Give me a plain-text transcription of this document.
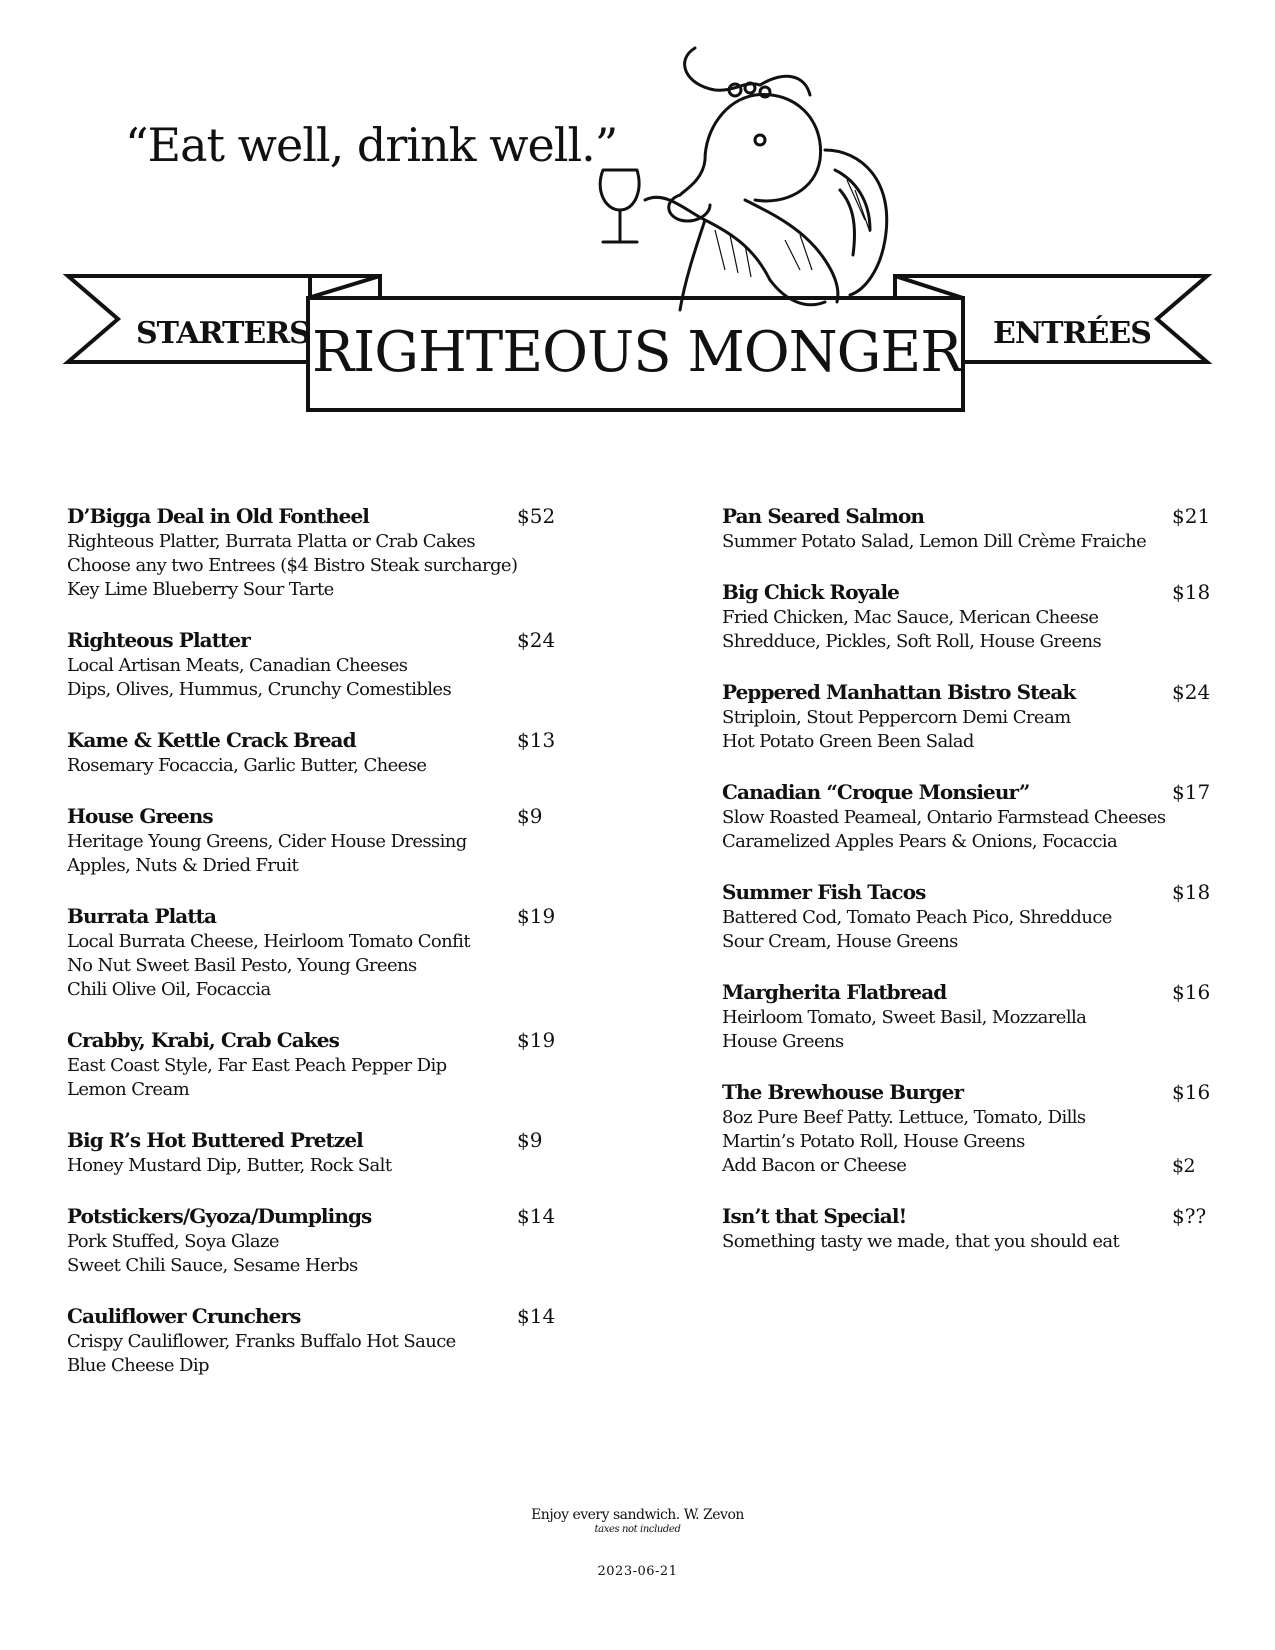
“Eat well, drink well.”
STARTERS RIGHTEOUS MONGER ENTRÉES
D’Bigga Deal in Old Fontheel	$52
Righteous Platter, Burrata Platta or Crab Cakes
Choose any two Entrees ($4 Bistro Steak surcharge)
Key Lime Blueberry Sour Tarte
Righteous Platter	$24
Local Artisan Meats, Canadian Cheeses
Dips, Olives, Hummus, Crunchy Comestibles
Kame & Kettle Crack Bread	$13
Rosemary Focaccia, Garlic Butter, Cheese
House Greens	$9
Heritage Young Greens, Cider House Dressing
Apples, Nuts & Dried Fruit
Burrata Platta	$19
Local Burrata Cheese, Heirloom Tomato Confit
No Nut Sweet Basil Pesto, Young Greens
Chili Olive Oil, Focaccia
Crabby, Krabi, Crab Cakes	$19
East Coast Style, Far East Peach Pepper Dip
Lemon Cream
Big R’s Hot Buttered Pretzel	$9
Honey Mustard Dip, Butter, Rock Salt
Potstickers/Gyoza/Dumplings	$14
Pork Stuffed, Soya Glaze
Sweet Chili Sauce, Sesame Herbs
Cauliflower Crunchers	$14
Crispy Cauliflower, Franks Buffalo Hot Sauce
Blue Cheese Dip
Pan Seared Salmon	$21
Summer Potato Salad, Lemon Dill Crème Fraiche
Big Chick Royale	$18
Fried Chicken, Mac Sauce, Merican Cheese
Shredduce, Pickles, Soft Roll, House Greens
Peppered Manhattan Bistro Steak	$24
Striploin, Stout Peppercorn Demi Cream
Hot Potato Green Been Salad
Canadian “Croque Monsieur”	$17
Slow Roasted Peameal, Ontario Farmstead Cheeses
Caramelized Apples Pears & Onions, Focaccia
Summer Fish Tacos	$18
Battered Cod, Tomato Peach Pico, Shredduce
Sour Cream, House Greens
Margherita Flatbread	$16
Heirloom Tomato, Sweet Basil, Mozzarella
House Greens
The Brewhouse Burger	$16
8oz Pure Beef Patty. Lettuce, Tomato, Dills
Martin’s Potato Roll, House Greens
Add Bacon or Cheese	$2
Isn’t that Special!	$??
Something tasty we made, that you should eat
Enjoy every sandwich. W. Zevon
taxes not included
2023-06-21
